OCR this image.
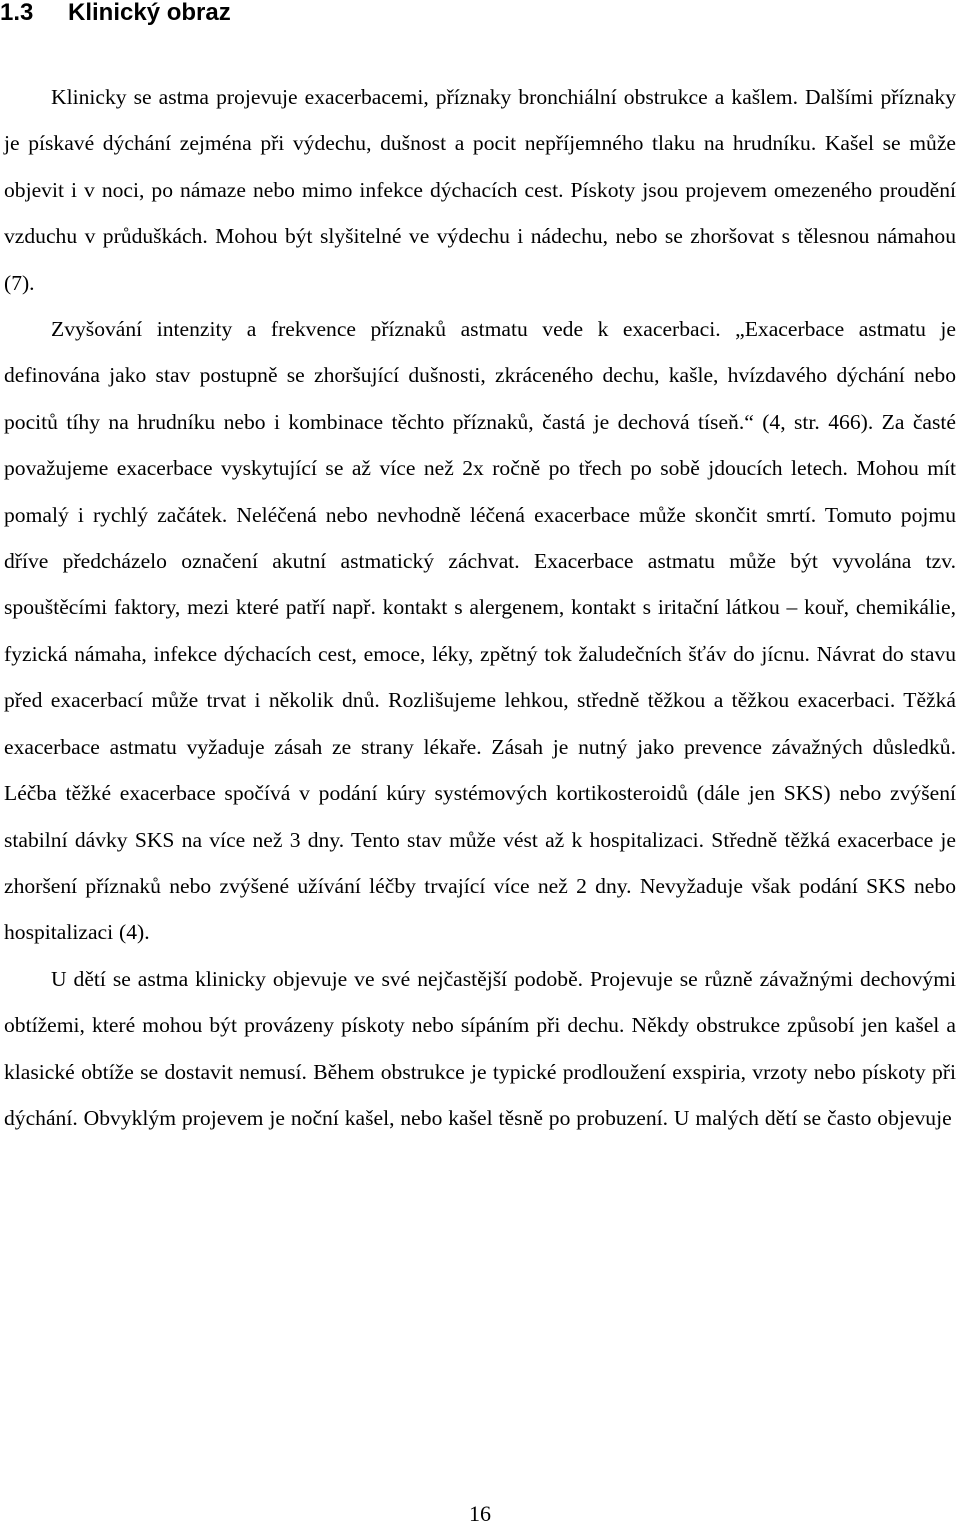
1.3 Klinický obraz

Klinicky se astma projevuje exacerbacemi, příznaky bronchiální obstrukce a kašlem. Dalšími příznaky je pískavé dýchání zejména při výdechu, dušnost a pocit nepříjemného tlaku na hrudníku. Kašel se může objevit i v noci, po námaze nebo mimo infekce dýchacích cest. Pískoty jsou projevem omezeného proudění vzduchu v průduškách. Mohou být slyšitelné ve výdechu i nádechu, nebo se zhoršovat s tělesnou námahou (7).

Zvyšování intenzity a frekvence příznaků astmatu vede k exacerbaci. „Exacerbace astmatu je definována jako stav postupně se zhoršující dušnosti, zkráceného dechu, kašle, hvízdavého dýchání nebo pocitů tíhy na hrudníku nebo i kombinace těchto příznaků, častá je dechová tíseň.“ (4, str. 466). Za časté považujeme exacerbace vyskytující se až více než 2x ročně po třech po sobě jdoucích letech. Mohou mít pomalý i rychlý začátek. Neléčená nebo nevhodně léčená exacerbace může skončit smrtí. Tomuto pojmu dříve předcházelo označení akutní astmatický záchvat. Exacerbace astmatu může být vyvolána tzv. spouštěcími faktory, mezi které patří např. kontakt s alergenem, kontakt s iritační látkou – kouř, chemikálie, fyzická námaha, infekce dýchacích cest, emoce, léky, zpětný tok žaludečních šťáv do jícnu. Návrat do stavu před exacerbací může trvat i několik dnů. Rozlišujeme lehkou, středně těžkou a těžkou exacerbaci. Těžká exacerbace astmatu vyžaduje zásah ze strany lékaře. Zásah je nutný jako prevence závažných důsledků. Léčba těžké exacerbace spočívá v podání kúry systémových kortikosteroidů (dále jen SKS) nebo zvýšení stabilní dávky SKS na více než 3 dny. Tento stav může vést až k hospitalizaci. Středně těžká exacerbace je zhoršení příznaků nebo zvýšené užívání léčby trvající více než 2 dny. Nevyžaduje však podání SKS nebo hospitalizaci (4).

U dětí se astma klinicky objevuje ve své nejčastější podobě. Projevuje se různě závažnými dechovými obtížemi, které mohou být provázeny pískoty nebo sípáním při dechu. Někdy obstrukce způsobí jen kašel a klasické obtíže se dostavit nemusí. Během obstrukce je typické prodloužení exspiria, vrzoty nebo pískoty při dýchání. Obvyklým projevem je noční kašel, nebo kašel těsně po probuzení. U malých dětí se často objevuje

16
